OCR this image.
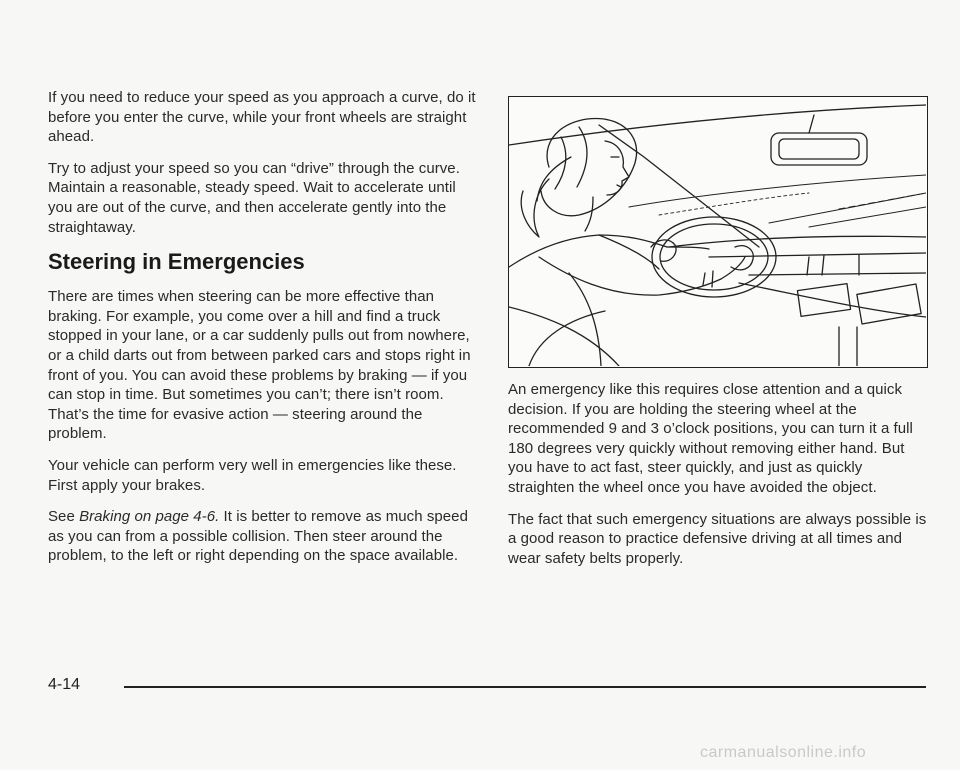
If you need to reduce your speed as you approach a curve, do it before you enter the curve, while your front wheels are straight ahead.

Try to adjust your speed so you can “drive” through the curve. Maintain a reasonable, steady speed. Wait to accelerate until you are out of the curve, and then accelerate gently into the straightaway.

Steering in Emergencies

There are times when steering can be more effective than braking. For example, you come over a hill and find a truck stopped in your lane, or a car suddenly pulls out from nowhere, or a child darts out from between parked cars and stops right in front of you. You can avoid these problems by braking — if you can stop in time. But sometimes you can’t; there isn’t room. That’s the time for evasive action — steering around the problem.

Your vehicle can perform very well in emergencies like these. First apply your brakes.

See Braking on page 4-6. It is better to remove as much speed as you can from a possible collision. Then steer around the problem, to the left or right depending on the space available.

An emergency like this requires close attention and a quick decision. If you are holding the steering wheel at the recommended 9 and 3 o’clock positions, you can turn it a full 180 degrees very quickly without removing either hand. But you have to act fast, steer quickly, and just as quickly straighten the wheel once you have avoided the object.

The fact that such emergency situations are always possible is a good reason to practice defensive driving at all times and wear safety belts properly.

4-14
carmanualsonline.info
